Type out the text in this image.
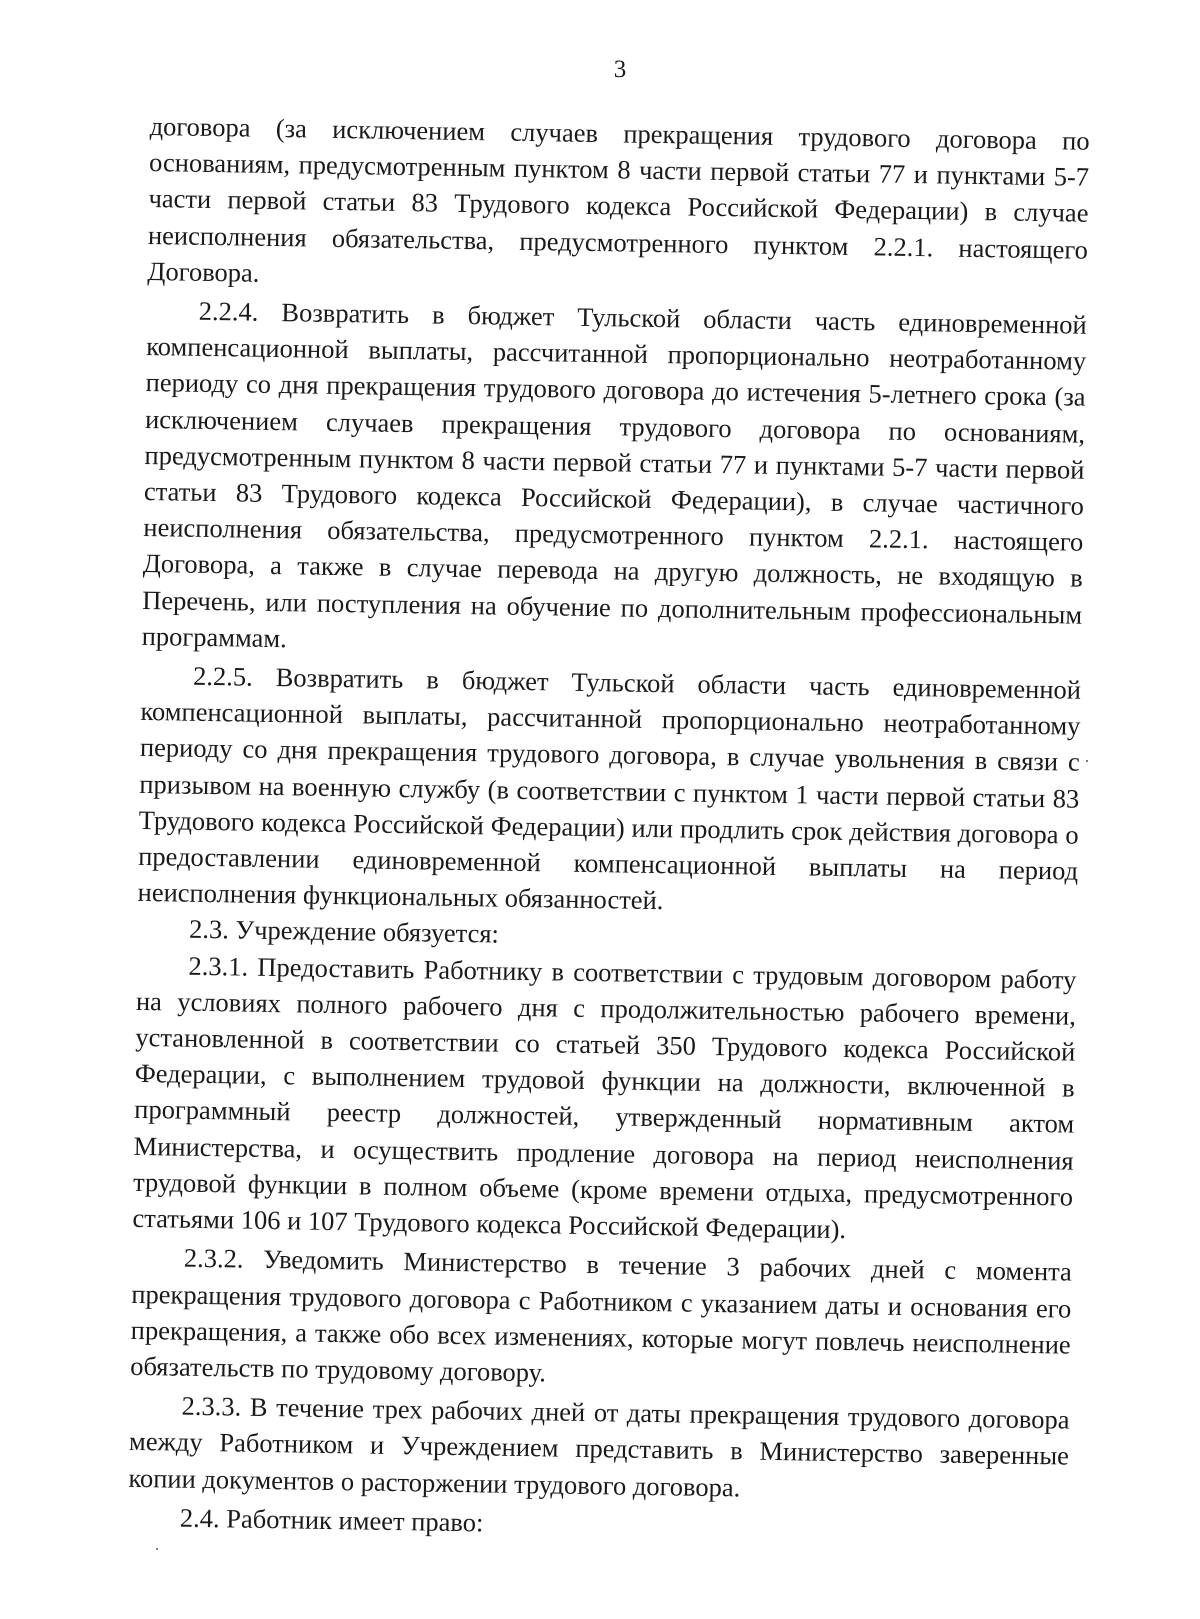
3

договора (за исключением случаев прекращения трудового договора по основаниям, предусмотренным пунктом 8 части первой статьи 77 и пунктами 5-7 части первой статьи 83 Трудового кодекса Российской Федерации) в случае неисполнения обязательства, предусмотренного пунктом 2.2.1. настоящего Договора.

2.2.4. Возвратить в бюджет Тульской области часть единовременной компенсационной выплаты, рассчитанной пропорционально неотработанному периоду со дня прекращения трудового договора до истечения 5-летнего срока (за исключением случаев прекращения трудового договора по основаниям, предусмотренным пунктом 8 части первой статьи 77 и пунктами 5-7 части первой статьи 83 Трудового кодекса Российской Федерации), в случае частичного неисполнения обязательства, предусмотренного пунктом 2.2.1. настоящего Договора, а также в случае перевода на другую должность, не входящую в Перечень, или поступления на обучение по дополнительным профессиональным программам.

2.2.5. Возвратить в бюджет Тульской области часть единовременной компенсационной выплаты, рассчитанной пропорционально неотработанному периоду со дня прекращения трудового договора, в случае увольнения в связи с призывом на военную службу (в соответствии с пунктом 1 части первой статьи 83 Трудового кодекса Российской Федерации) или продлить срок действия договора о предоставлении единовременной компенсационной выплаты на период неисполнения функциональных обязанностей.

2.3. Учреждение обязуется:

2.3.1. Предоставить Работнику в соответствии с трудовым договором работу на условиях полного рабочего дня с продолжительностью рабочего времени, установленной в соответствии со статьей 350 Трудового кодекса Российской Федерации, с выполнением трудовой функции на должности, включенной в программный реестр должностей, утвержденный нормативным актом Министерства, и осуществить продление договора на период неисполнения трудовой функции в полном объеме (кроме времени отдыха, предусмотренного статьями 106 и 107 Трудового кодекса Российской Федерации).

2.3.2. Уведомить Министерство в течение 3 рабочих дней с момента прекращения трудового договора с Работником с указанием даты и основания его прекращения, а также обо всех изменениях, которые могут повлечь неисполнение обязательств по трудовому договору.

2.3.3. В течение трех рабочих дней от даты прекращения трудового договора между Работником и Учреждением представить в Министерство заверенные копии документов о расторжении трудового договора.

2.4. Работник имеет право:
